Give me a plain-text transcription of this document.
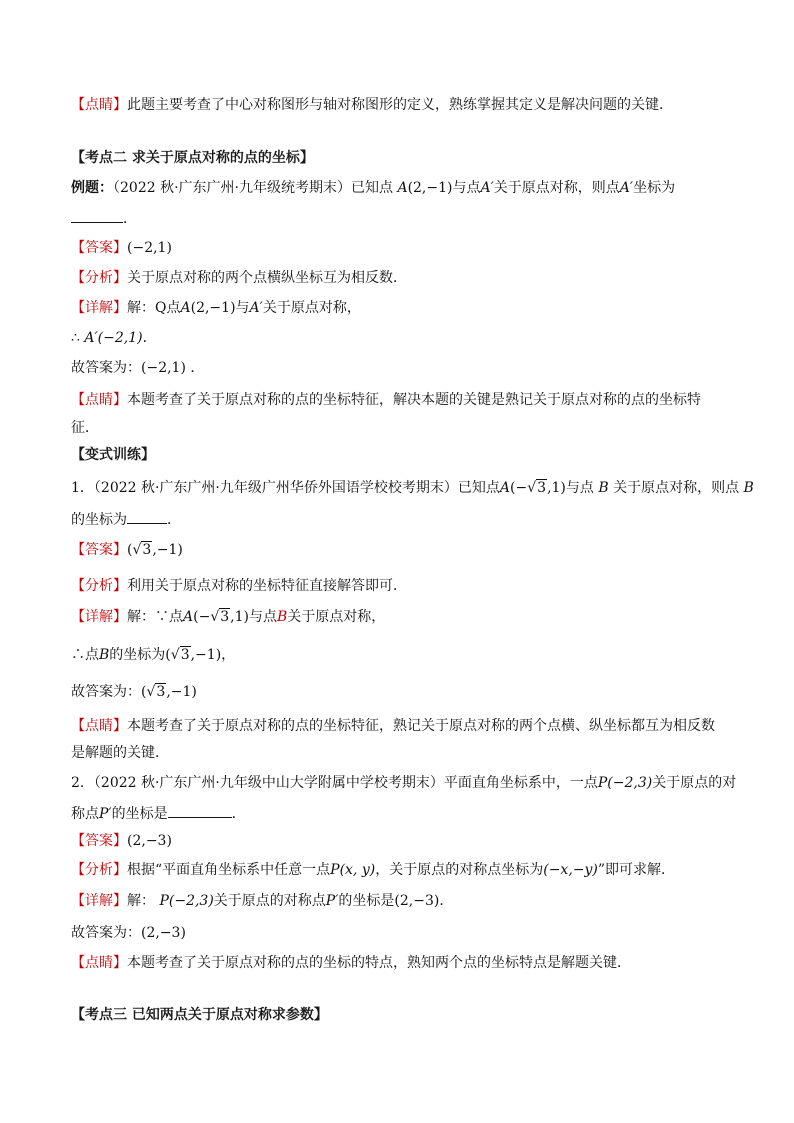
【点睛】此题主要考查了中心对称图形与轴对称图形的定义，熟练掌握其定义是解决问题的关键．
【考点二 求关于原点对称的点的坐标】
例题：（2022 秋·广东广州·九年级统考期末）已知点 A(2,−1)与点A′关于原点对称，则点A′坐标为
．
【答案】(−2,1)
【分析】关于原点对称的两个点横纵坐标互为相反数．
【详解】解：Q点A(2,−1)与A′关于原点对称，
∴ A′(−2,1)．
故答案为：(−2,1) ．
【点睛】本题考查了关于原点对称的点的坐标特征，解决本题的关键是熟记关于原点对称的点的坐标特
征．
【变式训练】
1．（2022 秋·广东广州·九年级广州华侨外国语学校校考期末）已知点A(−√3,1)与点 B 关于原点对称，则点 B
的坐标为	．
【答案】(√3,−1)
【分析】利用关于原点对称的坐标特征直接解答即可．
【详解】解：∵点A(−√3,1)与点B关于原点对称，
∴点B的坐标为(√3,−1)，
故答案为：(√3,−1)
【点睛】本题考查了关于原点对称的点的坐标特征，熟记关于原点对称的两个点横、纵坐标都互为相反数
是解题的关键．
2．（2022 秋·广东广州·九年级中山大学附属中学校考期末）平面直角坐标系中，一点P(−2,3)关于原点的对
称点P′的坐标是	．
【答案】(2,−3)
【分析】根据“平面直角坐标系中任意一点P(x, y)，关于原点的对称点坐标为(−x,−y)”即可求解．
【详解】解： P(−2,3)关于原点的对称点P′的坐标是(2,−3)．
故答案为：(2,−3)
【点睛】本题考查了关于原点对称的点的坐标的特点，熟知两个点的坐标特点是解题关键．
【考点三 已知两点关于原点对称求参数】
